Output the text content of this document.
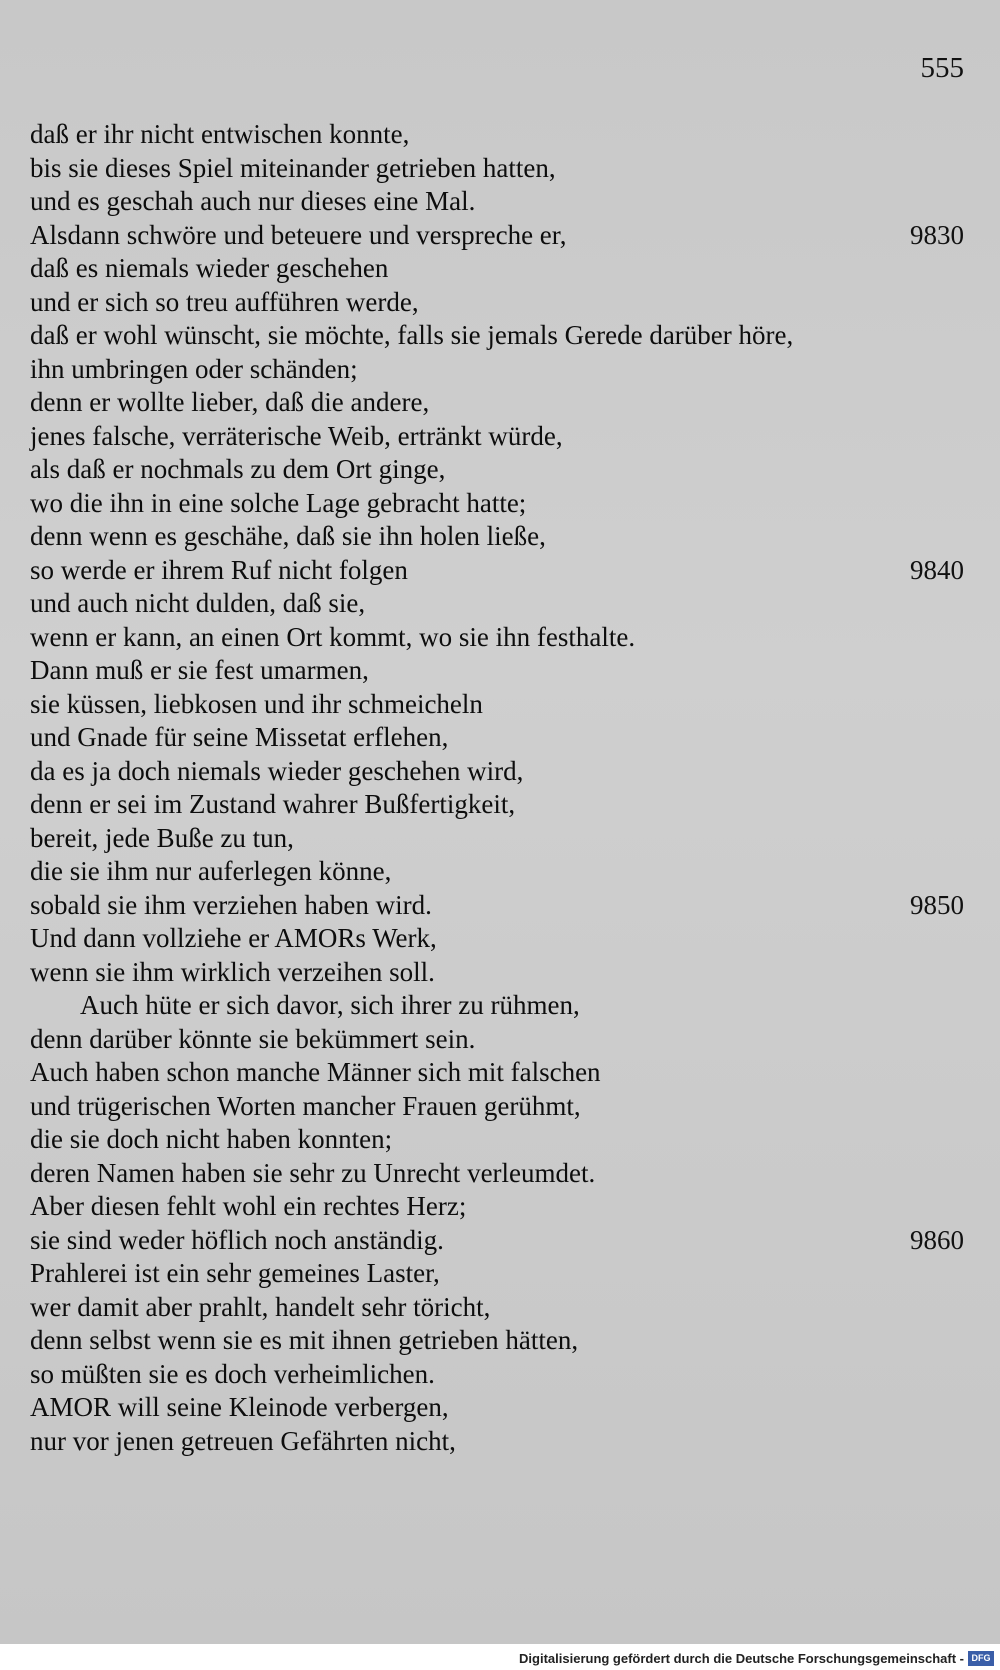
555
daß er ihr nicht entwischen konnte,
bis sie dieses Spiel miteinander getrieben hatten,
und es geschah auch nur dieses eine Mal.
Alsdann schwöre und beteuere und verspreche er,	9830
daß es niemals wieder geschehen
und er sich so treu aufführen werde,
daß er wohl wünscht, sie möchte, falls sie jemals Gerede darüber höre,
ihn umbringen oder schänden;
denn er wollte lieber, daß die andere,
jenes falsche, verräterische Weib, ertränkt würde,
als daß er nochmals zu dem Ort ginge,
wo die ihn in eine solche Lage gebracht hatte;
denn wenn es geschähe, daß sie ihn holen ließe,
so werde er ihrem Ruf nicht folgen	9840
und auch nicht dulden, daß sie,
wenn er kann, an einen Ort kommt, wo sie ihn festhalte.
Dann muß er sie fest umarmen,
sie küssen, liebkosen und ihr schmeicheln
und Gnade für seine Missetat erflehen,
da es ja doch niemals wieder geschehen wird,
denn er sei im Zustand wahrer Bußfertigkeit,
bereit, jede Buße zu tun,
die sie ihm nur auferlegen könne,
sobald sie ihm verziehen haben wird.	9850
Und dann vollziehe er AMORs Werk,
wenn sie ihm wirklich verzeihen soll.
Auch hüte er sich davor, sich ihrer zu rühmen,
denn darüber könnte sie bekümmert sein.
Auch haben schon manche Männer sich mit falschen
und trügerischen Worten mancher Frauen gerühmt,
die sie doch nicht haben konnten;
deren Namen haben sie sehr zu Unrecht verleumdet.
Aber diesen fehlt wohl ein rechtes Herz;
sie sind weder höflich noch anständig.	9860
Prahlerei ist ein sehr gemeines Laster,
wer damit aber prahlt, handelt sehr töricht,
denn selbst wenn sie es mit ihnen getrieben hätten,
so müßten sie es doch verheimlichen.
AMOR will seine Kleinode verbergen,
nur vor jenen getreuen Gefährten nicht,
Digitalisierung gefördert durch die Deutsche Forschungsgemeinschaft - DFG
